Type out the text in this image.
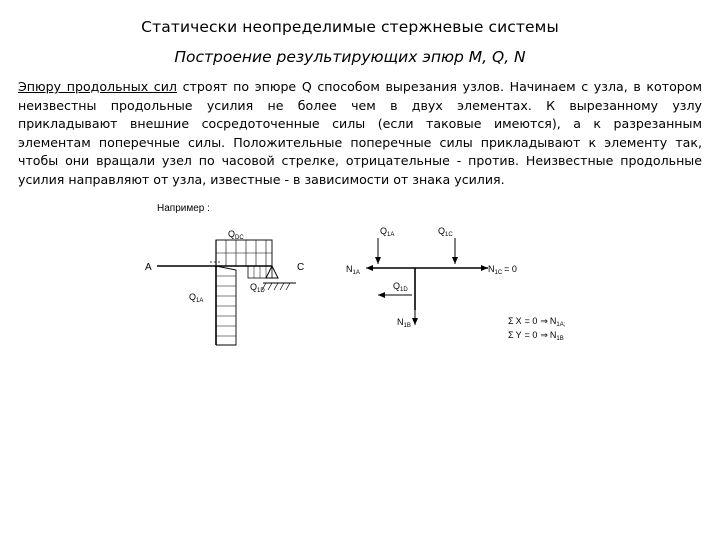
Статически неопределимые стержневые системы
Построение результирующих эпюр M, Q, N
Эпюру продольных сил строят по эпюре Q способом вырезания узлов. Начинаем с узла, в котором
неизвестны продольные усилия не более чем в двух элементах. К вырезанному узлу
прикладывают внешние сосредоточенные силы (если таковые имеются), а к разрезанным
элементам поперечные силы. Положительные поперечные силы прикладывают к элементу так,
чтобы они вращали узел по часовой стрелке, отрицательные - против. Неизвестные продольные
усилия направляют от узла, известные - в зависимости от знака усилия.
Например :
A	C
$Q_{DC}$
$Q_{1D}$
$Q_{1A}$
$Q_{1A}$	$Q_{1C}$
$N_{1A}$	$N_{1C} = 0$
$Q_{1D}$
$N_{1B}$	Σ X = 0 ⇒ $N_{1A;}$
Σ Y = 0 ⇒ $N_{1B}$
